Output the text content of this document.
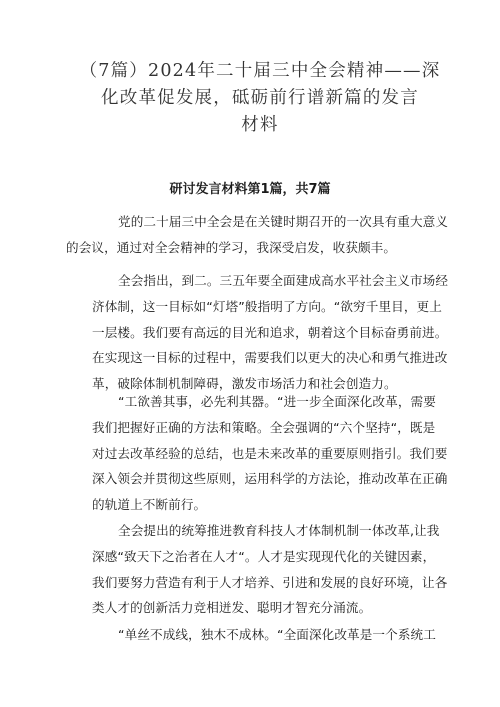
（7篇）2024年二十届三中全会精神——深
化改革促发展，砥砺前行谱新篇的发言
材料
研讨发言材料第1篇，共7篇
党的二十届三中全会是在关键时期召开的一次具有重大意义
的会议，通过对全会精神的学习，我深受启发，收获颇丰。
全会指出，到二。三五年要全面建成高水平社会主义市场经
济体制，这一目标如“灯塔”般指明了方向。“欲穷千里目，更上
一层楼。我们要有高远的目光和追求，朝着这个目标奋勇前进。
在实现这一目标的过程中，需要我们以更大的决心和勇气推进改
革，破除体制机制障碍，激发市场活力和社会创造力。
“工欲善其事，必先利其器。“进一步全面深化改革，需要
我们把握好正确的方法和策略。全会强调的“六个坚持“，既是
对过去改革经验的总结，也是未来改革的重要原则指引。我们要
深入领会并贯彻这些原则，运用科学的方法论，推动改革在正确
的轨道上不断前行。
全会提出的统筹推进教育科技人才体制机制一体改革,让我
深感“致天下之治者在人才“。人才是实现现代化的关键因素，
我们要努力营造有利于人才培养、引进和发展的良好环境，让各
类人才的创新活力竞相迸发、聪明才智充分涌流。
“单丝不成线，独木不成林。“全面深化改革是一个系统工
